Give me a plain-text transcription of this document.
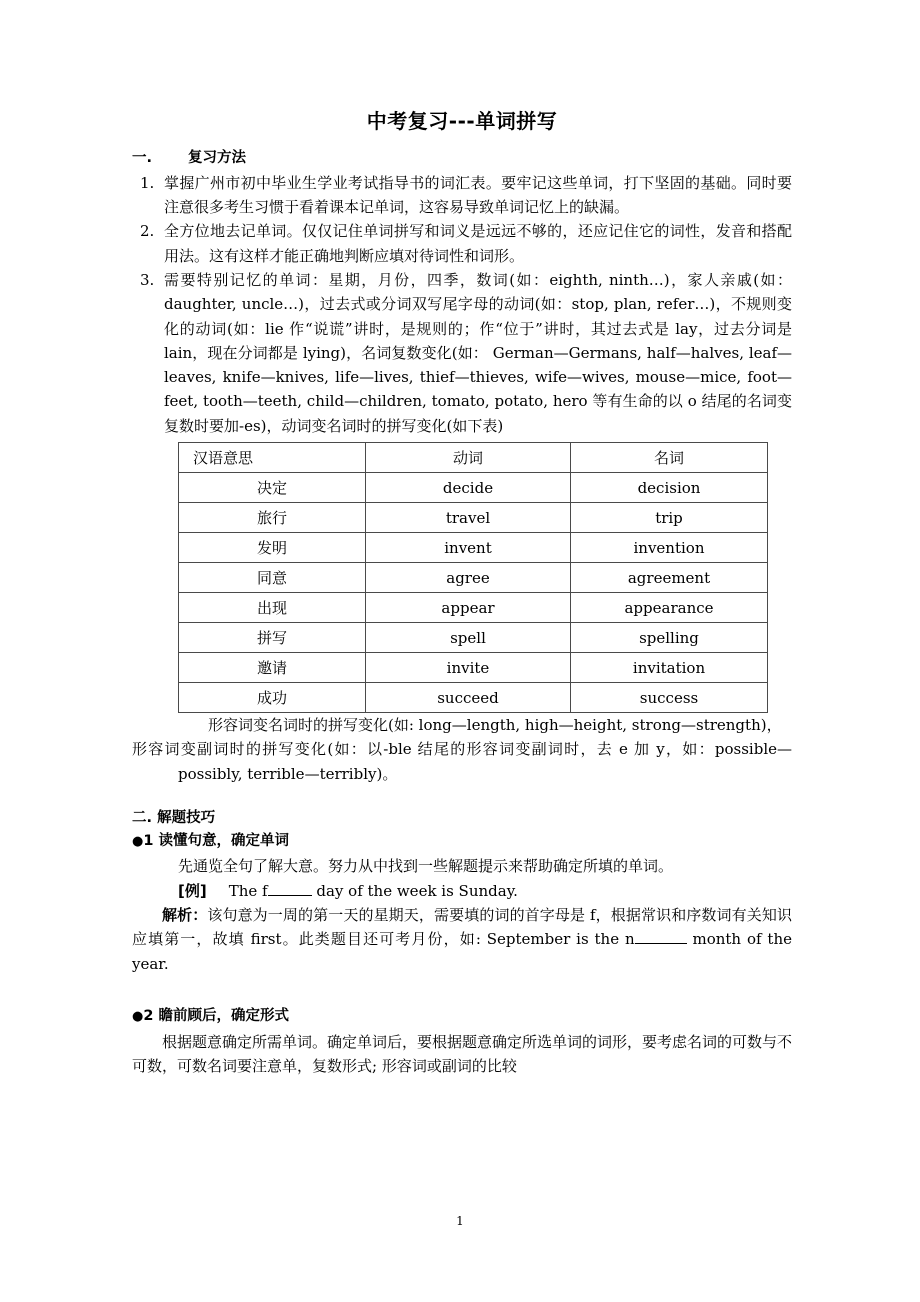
中考复习---单词拼写
一. 复习方法
1. 掌握广州市初中毕业生学业考试指导书的词汇表。要牢记这些单词，打下坚固的基础。同时要注意很多考生习惯于看着课本记单词，这容易导致单词记忆上的缺漏。
2. 全方位地去记单词。仅仅记住单词拼写和词义是远远不够的，还应记住它的词性，发音和搭配用法。这有这样才能正确地判断应填对待词性和词形。
3. 需要特别记忆的单词：星期，月份，四季，数词(如：eighth, ninth…)，家人亲戚(如：daughter, uncle…)，过去式或分词双写尾字母的动词(如：stop, plan, refer…)，不规则变化的动词(如：lie 作“说谎”讲时，是规则的；作“位于”讲时，其过去式是 lay，过去分词是 lain，现在分词都是 lying)，名词复数变化(如： German—Germans, half—halves, leaf—leaves, knife—knives, life—lives, thief—thieves, wife—wives, mouse—mice, foot—feet, tooth—teeth, child—children, tomato, potato, hero 等有生命的以 o 结尾的名词变复数时要加-es)，动词变名词时的拼写变化(如下表)
汉语意思	动词	名词
决定	decide	decision
旅行	travel	trip
发明	invent	invention
同意	agree	agreement
出现	appear	appearance
拼写	spell	spelling
邀请	invite	invitation
成功	succeed	success

形容词变名词时的拼写变化(如: long—length, high—height, strong—strength)，

形容词变副词时的拼写变化(如：以-ble 结尾的形容词变副词时，去 e 加 y，如：possible—possibly, terrible—terribly)。

二. 解题技巧
●1 读懂句意，确定单词

先通览全句了解大意。努力从中找到一些解题提示来帮助确定所填的单词。

[例] The f	day of the week is Sunday.

解析：该句意为一周的第一天的星期天，需要填的词的首字母是 f，根据常识和序数词有关知识应填第一，故填 first。此类题目还可考月份，如: September is the n	month of the year.

●2 瞻前顾后，确定形式

根据题意确定所需单词。确定单词后，要根据题意确定所选单词的词形，要考虑名词的可数与不可数，可数名词要注意单，复数形式; 形容词或副词的比较

1
